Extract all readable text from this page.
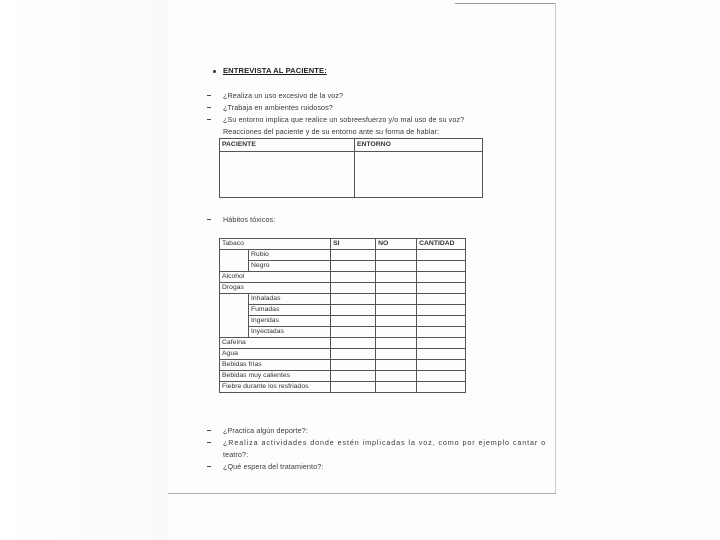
ENTREVISTA AL PACIENTE:
¿Realiza un uso excesivo de la voz?
¿Trabaja en ambientes ruidosos?
¿Su entorno implica que realice un sobreesfuerzo y/o mal uso de su voz?
Reacciones del paciente y de su entorno ante su forma de hablar:
PACIENTE	ENTORNO

Hábitos tóxicos:
Tabaco		SI	NO	CANTIDAD
	Rubio			
	Negro			
Alcohol				
Drogas				
	Inhaladas			
	Fumadas			
	Ingeridas			
	Inyectadas			
Cafeína				
Agua				
Bebidas frías				
Bebidas muy calientes				
Fiebre durante los resfriados				
¿Practica algún deporte?:
¿Realiza actividades donde estén implicadas la voz, como por ejemplo cantar o
teatro?:
¿Qué espera del tratamiento?:
